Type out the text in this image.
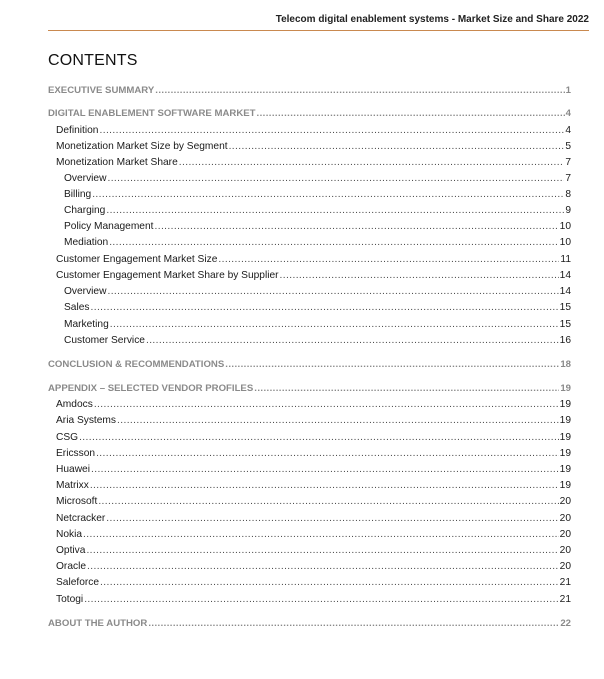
Telecom digital enablement systems - Market Size and Share 2022
CONTENTS
EXECUTIVE SUMMARY .....	1
DIGITAL ENABLEMENT SOFTWARE MARKET .....	4
Definition .....	4
Monetization Market Size by Segment .....	5
Monetization Market Share .....	7
Overview .....	7
Billing .....	8
Charging .....	9
Policy Management .....	10
Mediation .....	10
Customer Engagement Market Size .....	11
Customer Engagement Market Share by Supplier .....	14
Overview .....	14
Sales .....	15
Marketing .....	15
Customer Service .....	16
CONCLUSION & RECOMMENDATIONS .....	18
APPENDIX – SELECTED VENDOR PROFILES .....	19
Amdocs .....	19
Aria Systems .....	19
CSG .....	19
Ericsson .....	19
Huawei .....	19
Matrixx .....	19
Microsoft .....	20
Netcracker .....	20
Nokia .....	20
Optiva .....	20
Oracle .....	20
Saleforce .....	21
Totogi .....	21
ABOUT THE AUTHOR .....	22
